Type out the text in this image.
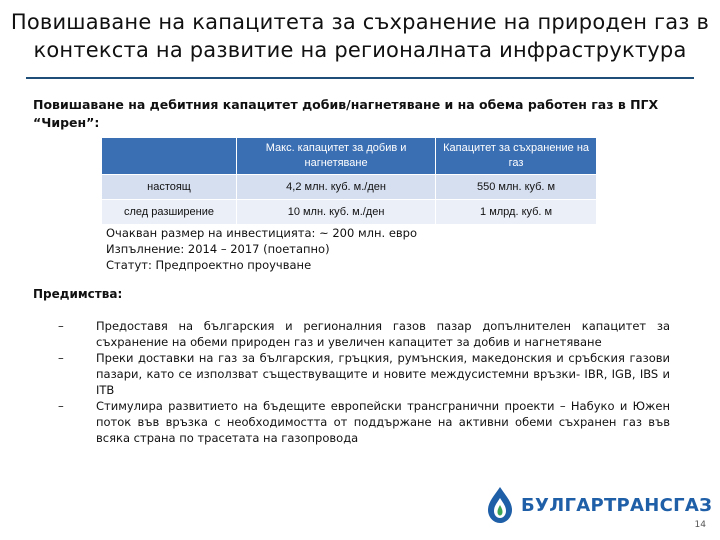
Повишаване на капацитета за съхранение на природен газ в
контекста на развитие на регионалната инфраструктура
Повишаване на дебитния капацитет добив/нагнетяване и на обема работен газ в ПГХ “Чирен”:
	Макс. капацитет за добив и нагнетяване	Капацитет за съхранение на газ
настоящ	4,2 млн. куб. м./ден	550 млн. куб. м
след разширение	10 млн. куб. м./ден	1 млрд. куб. м
Очакван размер на инвестицията: ~ 200 млн. евро
Изпълнение: 2014 – 2017 (поетапно)
Статут: Предпроектно проучване
Предимства:
–	Предоставя на българския и регионалния газов пазар допълнителен капацитет за съхранение на обеми природен газ и увеличен капацитет за добив и нагнетяване
–	Преки доставки на газ за българския, гръцкия, румънския, македонския и сръбския газови пазари, като се използват съществуващите и новите междусистемни връзки- IBR, IGB, IBS и ITB
–	Стимулира развитието на бъдещите европейски трансгранични проекти – Набуко и Южен поток във връзка с необходимостта от поддържане на активни обеми съхранен газ във всяка страна по трасетата на газопровода
БУЛГАРТРАНСГАЗ
14
